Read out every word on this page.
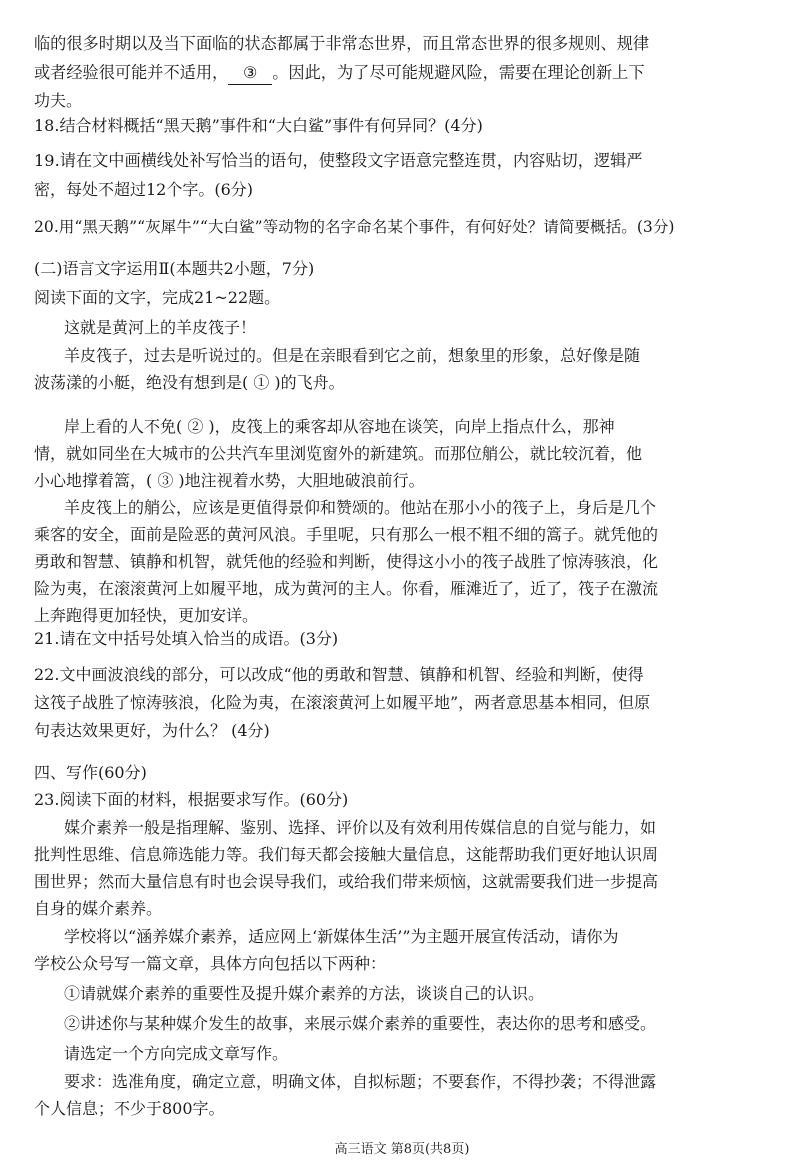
临的很多时期以及当下面临的状态都属于非常态世界，而且常态世界的很多规则、规律
或者经验很可能并不适用， ③ 。因此，为了尽可能规避风险，需要在理论创新上下
功夫。
18.结合材料概括“黑天鹅”事件和“大白鲨”事件有何异同？(4分)
19.请在文中画横线处补写恰当的语句，使整段文字语意完整连贯，内容贴切，逻辑严
密，每处不超过12个字。(6分)
20.用“黑天鹅”“灰犀牛”“大白鲨”等动物的名字命名某个事件，有何好处？请简要概括。(3分)
(二)语言文字运用Ⅱ(本题共2小题，7分)
阅读下面的文字，完成21~22题。
这就是黄河上的羊皮筏子！
羊皮筏子，过去是听说过的。但是在亲眼看到它之前，想象里的形象，总好像是随
波荡漾的小艇，绝没有想到是( ① )的飞舟。
岸上看的人不免( ② )，皮筏上的乘客却从容地在谈笑，向岸上指点什么，那神
情，就如同坐在大城市的公共汽车里浏览窗外的新建筑。而那位艄公，就比较沉着，他
小心地撑着篙，( ③ )地注视着水势，大胆地破浪前行。
羊皮筏上的艄公，应该是更值得景仰和赞颂的。他站在那小小的筏子上，身后是几个
乘客的安全，面前是险恶的黄河风浪。手里呢，只有那么一根不粗不细的篙子。就凭他的
勇敢和智慧、镇静和机智，就凭他的经验和判断，使得这小小的筏子战胜了惊涛骇浪，化
险为夷，在滚滚黄河上如履平地，成为黄河的主人。你看，雁滩近了，近了，筏子在激流
上奔跑得更加轻快，更加安详。
21.请在文中括号处填入恰当的成语。(3分)
22.文中画波浪线的部分，可以改成“他的勇敢和智慧、镇静和机智、经验和判断，使得
这筏子战胜了惊涛骇浪，化险为夷，在滚滚黄河上如履平地”，两者意思基本相同，但原
句表达效果更好，为什么？ (4分)
四、写作(60分)
23.阅读下面的材料，根据要求写作。(60分)
媒介素养一般是指理解、鉴别、选择、评价以及有效利用传媒信息的自觉与能力，如
批判性思维、信息筛选能力等。我们每天都会接触大量信息，这能帮助我们更好地认识周
围世界；然而大量信息有时也会误导我们，或给我们带来烦恼，这就需要我们进一步提高
自身的媒介素养。
学校将以“涵养媒介素养，适应网上‘新媒体生活’”为主题开展宣传活动，请你为
学校公众号写一篇文章，具体方向包括以下两种：
①请就媒介素养的重要性及提升媒介素养的方法，谈谈自己的认识。
②讲述你与某种媒介发生的故事，来展示媒介素养的重要性，表达你的思考和感受。
请选定一个方向完成文章写作。
要求：选准角度，确定立意，明确文体，自拟标题；不要套作，不得抄袭；不得泄露
个人信息；不少于800字。
高三语文 第8页(共8页)
